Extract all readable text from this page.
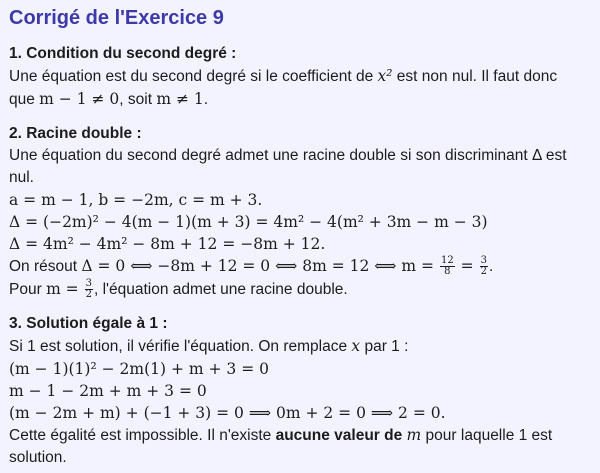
Corrigé de l'Exercice 9
1. Condition du second degré :
Une équation est du second degré si le coefficient de x² est non nul. Il faut donc
que m − 1 ≠ 0, soit m ≠ 1.
2. Racine double :
Une équation du second degré admet une racine double si son discriminant Δ est
nul.
a = m − 1, b = −2m, c = m + 3.
Δ = (−2m)² − 4(m − 1)(m + 3) = 4m² − 4(m² + 3m − m − 3)
Δ = 4m² − 4m² − 8m + 12 = −8m + 12.
On résout Δ = 0 ⟺ −8m + 12 = 0 ⟺ 8m = 12 ⟺ $m = \frac{12}{8} = \frac{3}{2}$ .
Pour $m = \frac{3}{2}$ , l'équation admet une racine double.
3. Solution égale à 1 :
Si 1 est solution, il vérifie l'équation. On remplace x par 1 :
(m − 1)(1)² − 2m(1) + m + 3 = 0
m − 1 − 2m + m + 3 = 0
(m − 2m + m) + (−1 + 3) = 0 ⟹ 0m + 2 = 0 ⟹ 2 = 0.
Cette égalité est impossible. Il n'existe aucune valeur de m pour laquelle 1 est
solution.
